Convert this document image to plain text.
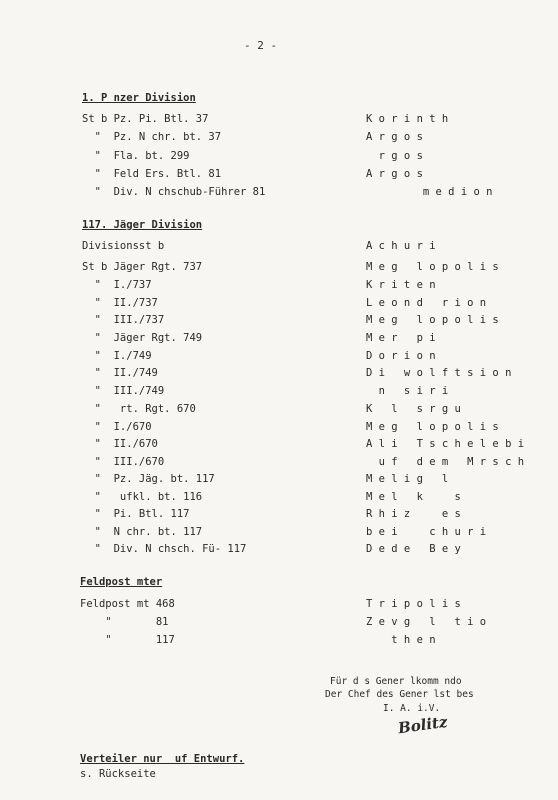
- 2 -
1. P nzer Division
St b Pz. Pi. Btl. 37	K o r i n t h
"  Pz. N chr. bt. 37	A r g o s
"  Fla. bt. 299	r g o s
"  Feld Ers. Btl. 81	A r g o s
"  Div. N chschub-Führer 81	m e d i o n
117. Jäger Division
Divisionsst b	A c h u r i
St b Jäger Rgt. 737	M e g   l o p o l i s
"  I./737	K r i t e n
"  II./737	L e o n d   r i o n
"  III./737	M e g   l o p o l i s
"  Jäger Rgt. 749	M e r   p i
"  I./749	D o r i o n
"  II./749	D i   w o l f t s i o n
"  III./749	n   s i r i
"   rt. Rgt. 670	K   l   s r g u
"  I./670	M e g   l o p o l i s
"  II./670	A l i   T s c h e l e b i
"  III./670	u f   d e m   M r s c h
"  Pz. Jäg. bt. 117	M e l i g   l
"   ufkl. bt. 116	M e l   k     s
"  Pi. Btl. 117	R h i z     e s
"  N chr. bt. 117	b e i     c h u r i
"  Div. N chsch. Fü- 117	D e d e   B e y
Feldpost mter
Feldpost mt 468	T r i p o l i s
"       81	Z e v g   l   t i o
"       117	t h e n
Für d s Gener lkomm ndo
Der Chef des Gener lst bes
I. A. i.V.
Bolitz
Verteiler nur  uf Entwurf.
s. Rückseite
